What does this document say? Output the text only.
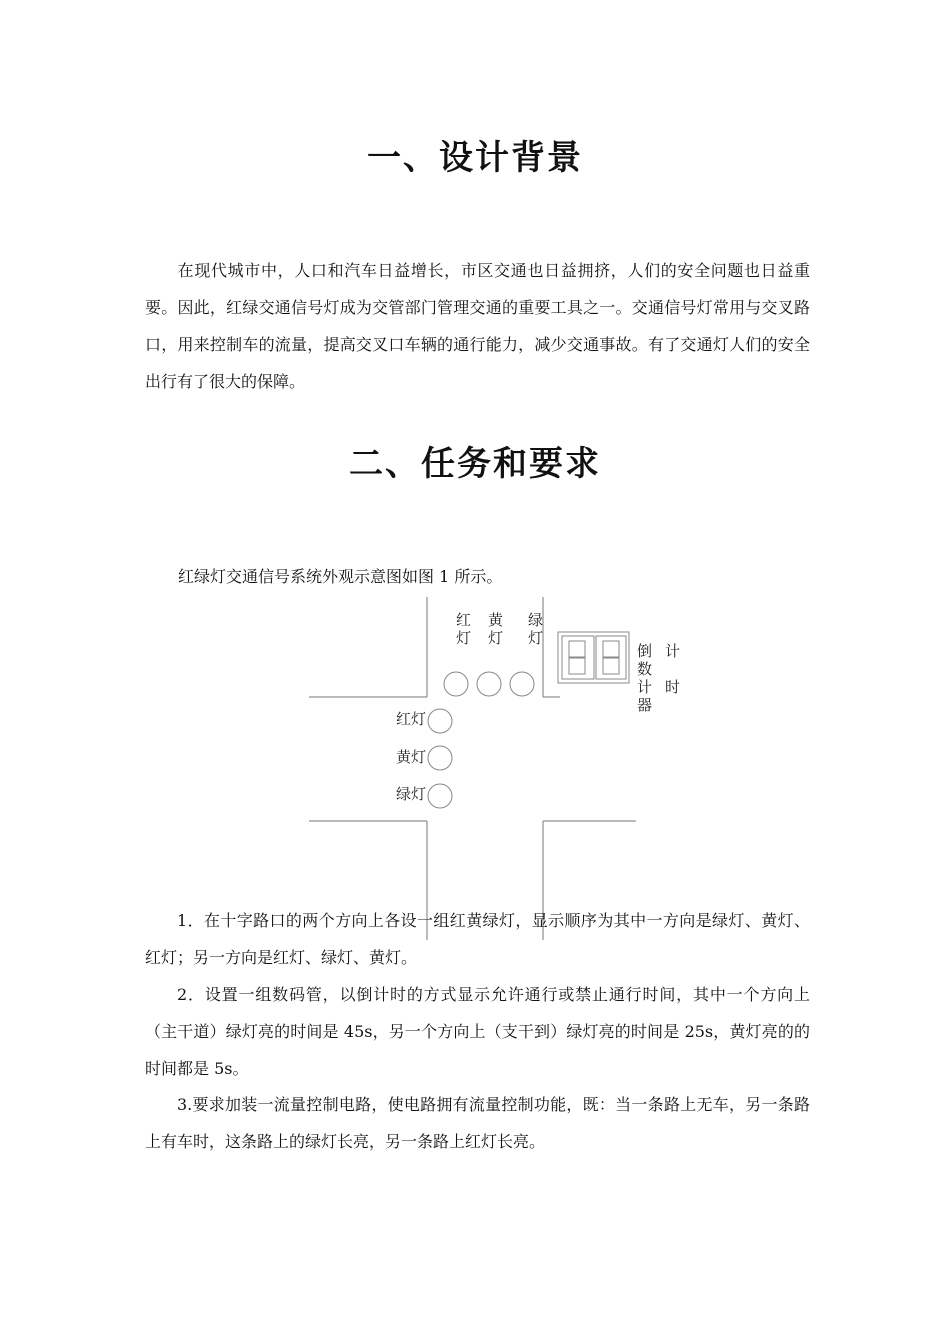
一、设计背景

在现代城市中，人口和汽车日益增长，市区交通也日益拥挤，人们的安全问题也日益重要。因此，红绿交通信号灯成为交管部门管理交通的重要工具之一。交通信号灯常用与交叉路口，用来控制车的流量，提高交叉口车辆的通行能力，减少交通事故。有了交通灯人们的安全出行有了很大的保障。

二、任务和要求

红绿灯交通信号系统外观示意图如图 1 所示。

红
灯
黄
灯
绿
灯
倒
数
计
器
计
时
红灯
黄灯
绿灯

1．在十字路口的两个方向上各设一组红黄绿灯，显示顺序为其中一方向是绿灯、黄灯、红灯；另一方向是红灯、绿灯、黄灯。

2．设置一组数码管，以倒计时的方式显示允许通行或禁止通行时间，其中一个方向上（主干道）绿灯亮的时间是 45s，另一个方向上（支干到）绿灯亮的时间是 25s，黄灯亮的的时间都是 5s。

3.要求加装一流量控制电路，使电路拥有流量控制功能，既：当一条路上无车，另一条路上有车时，这条路上的绿灯长亮，另一条路上红灯长亮。
